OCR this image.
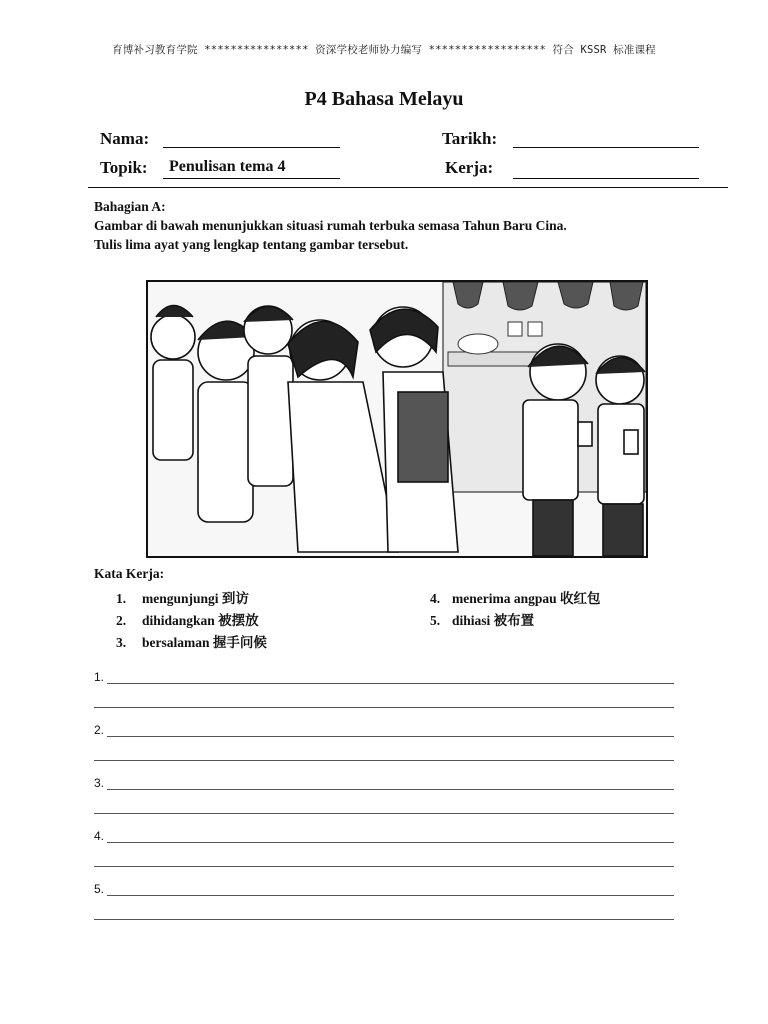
育博补习教育学院 **************** 资深学校老师协力编写 ****************** 符合 KSSR 标准课程
P4 Bahasa Melayu
Nama:	Tarikh:
Topik: Penulisan tema 4	Kerja:
Bahagian A:
Gambar di bawah menunjukkan situasi rumah terbuka semasa Tahun Baru Cina.
Tulis lima ayat yang lengkap tentang gambar tersebut.
Kata Kerja:
1. mengunjungi 到访
2. dihidangkan 被摆放
3. bersalaman 握手问候
4. menerima angpau 收红包
5. dihiasi 被布置
1.
2.
3.
4.
5.
